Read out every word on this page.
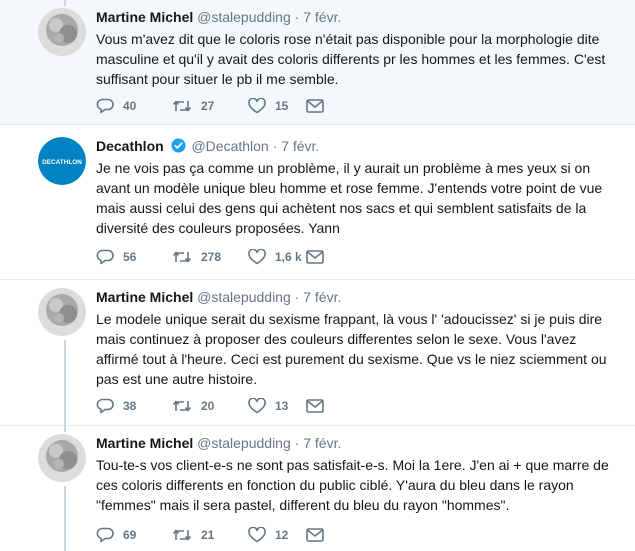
Martine Michel @stalepudding · 7 févr.
Vous m'avez dit que le coloris rose n'était pas disponible pour la morphologie dite masculine et qu'il y avait des coloris differents pr les hommes et les femmes. C'est suffisant pour situer le pb il me semble.
40	27	15
DECATHLON
Decathlon @Decathlon · 7 févr.
Je ne vois pas ça comme un problème, il y aurait un problème à mes yeux si on avant un modèle unique bleu homme et rose femme. J'entends votre point de vue mais aussi celui des gens qui achètent nos sacs et qui semblent satisfaits de la diversité des couleurs proposées. Yann
56	278	1,6 k
Martine Michel @stalepudding · 7 févr.
Le modele unique serait du sexisme frappant, là vous l' 'adoucissez' si je puis dire mais continuez à proposer des couleurs differentes selon le sexe. Vous l'avez affirmé tout à l'heure. Ceci est purement du sexisme. Que vs le niez sciemment ou pas est une autre histoire.
38	20	13
Martine Michel @stalepudding · 7 févr.
Tou-te-s vos client-e-s ne sont pas satisfait-e-s. Moi la 1ere. J'en ai + que marre de ces coloris differents en fonction du public ciblé. Y'aura du bleu dans le rayon "femmes" mais il sera pastel, different du bleu du rayon "hommes".
69	21	12
